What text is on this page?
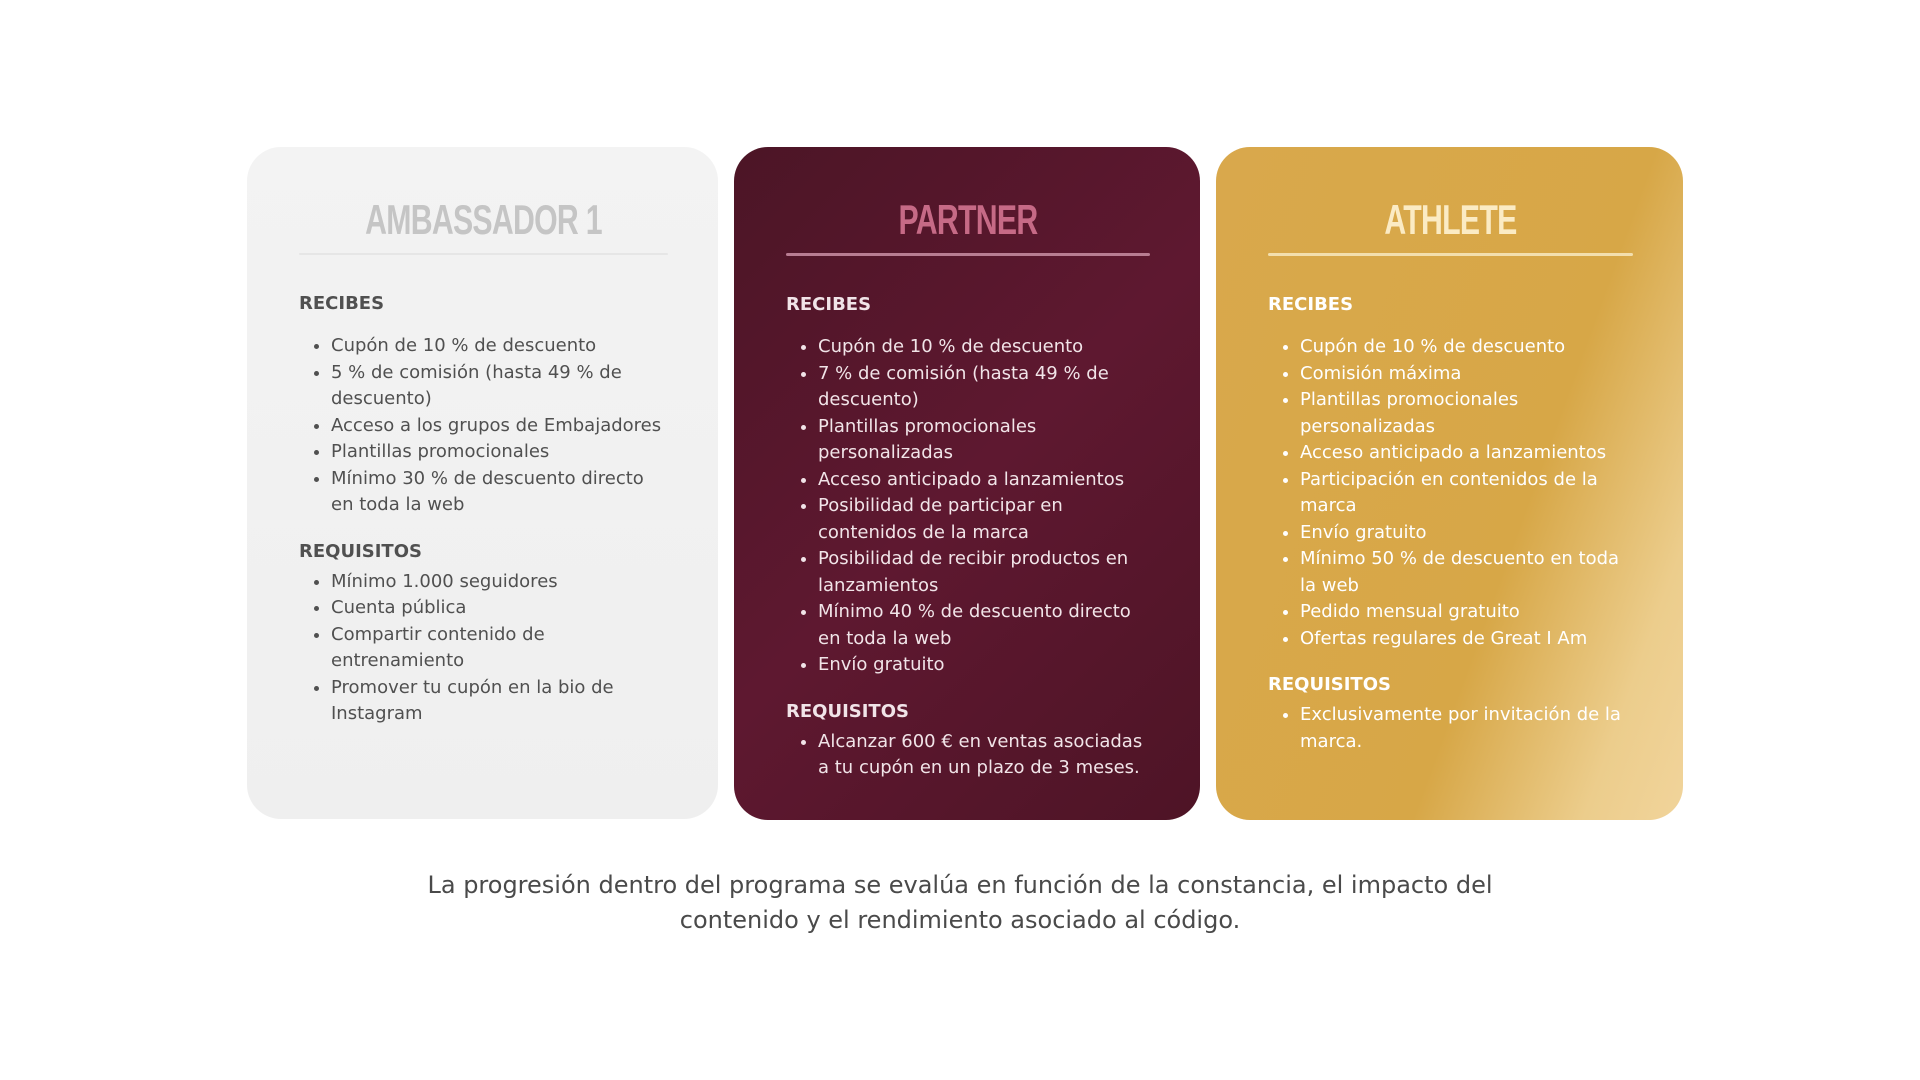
AMBASSADOR 1

RECIBES

• Cupón de 10 % de descuento
• 5 % de comisión (hasta 49 % de descuento)
• Acceso a los grupos de Embajadores
• Plantillas promocionales
• Mínimo 30 % de descuento directo en toda la web

REQUISITOS

• Mínimo 1.000 seguidores
• Cuenta pública
• Compartir contenido de entrenamiento
• Promover tu cupón en la bio de Instagram
PARTNER

RECIBES

• Cupón de 10 % de descuento
• 7 % de comisión (hasta 49 % de descuento)
• Plantillas promocionales personalizadas
• Acceso anticipado a lanzamientos
• Posibilidad de participar en contenidos de la marca
• Posibilidad de recibir productos en lanzamientos
• Mínimo 40 % de descuento directo en toda la web
• Envío gratuito

REQUISITOS

• Alcanzar 600 € en ventas asociadas a tu cupón en un plazo de 3 meses.
ATHLETE

RECIBES

• Cupón de 10 % de descuento
• Comisión máxima
• Plantillas promocionales personalizadas
• Acceso anticipado a lanzamientos
• Participación en contenidos de la marca
• Envío gratuito
• Mínimo 50 % de descuento en toda la web
• Pedido mensual gratuito
• Ofertas regulares de Great I Am

REQUISITOS

• Exclusivamente por invitación de la marca.

La progresión dentro del programa se evalúa en función de la constancia, el impacto del contenido y el rendimiento asociado al código.
